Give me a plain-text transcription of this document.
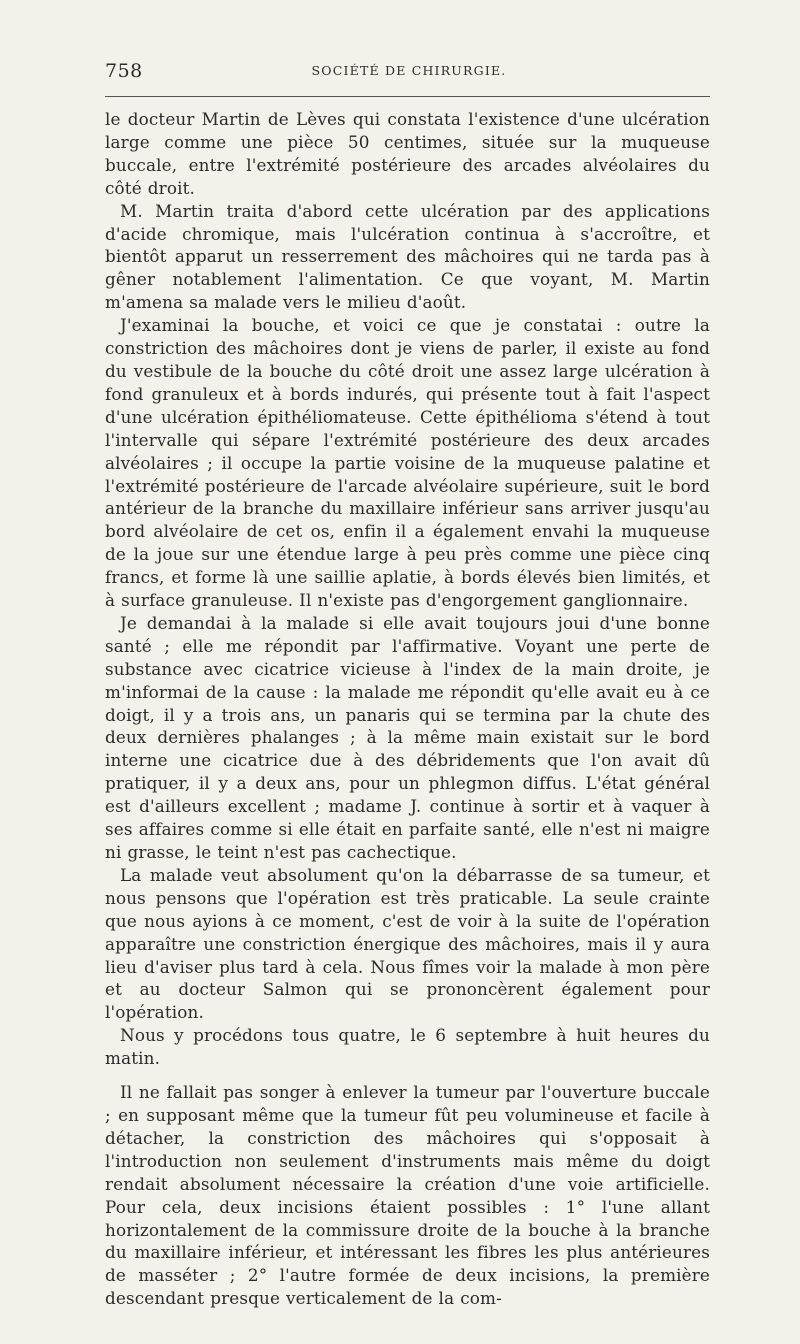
758	SOCIÉTÉ DE CHIRURGIE.

le docteur Martin de Lèves qui constata l'existence d'une ulcération large comme une pièce 50 centimes, située sur la muqueuse buccale, entre l'extrémité postérieure des arcades alvéolaires du côté droit.

M. Martin traita d'abord cette ulcération par des applications d'acide chromique, mais l'ulcération continua à s'accroître, et bientôt apparut un resserrement des mâchoires qui ne tarda pas à gêner notablement l'alimentation. Ce que voyant, M. Martin m'amena sa malade vers le milieu d'août.

J'examinai la bouche, et voici ce que je constatai : outre la constriction des mâchoires dont je viens de parler, il existe au fond du vestibule de la bouche du côté droit une assez large ulcération à fond granuleux et à bords indurés, qui présente tout à fait l'aspect d'une ulcération épithéliomateuse. Cette épithélioma s'étend à tout l'intervalle qui sépare l'extrémité postérieure des deux arcades alvéolaires ; il occupe la partie voisine de la muqueuse palatine et l'extrémité postérieure de l'arcade alvéolaire supérieure, suit le bord antérieur de la branche du maxillaire inférieur sans arriver jusqu'au bord alvéolaire de cet os, enfin il a également envahi la muqueuse de la joue sur une étendue large à peu près comme une pièce cinq francs, et forme là une saillie aplatie, à bords élevés bien limités, et à surface granuleuse. Il n'existe pas d'engorgement ganglionnaire.

Je demandai à la malade si elle avait toujours joui d'une bonne santé ; elle me répondit par l'affirmative. Voyant une perte de substance avec cicatrice vicieuse à l'index de la main droite, je m'informai de la cause : la malade me répondit qu'elle avait eu à ce doigt, il y a trois ans, un panaris qui se termina par la chute des deux dernières phalanges ; à la même main existait sur le bord interne une cicatrice due à des débridements que l'on avait dû pratiquer, il y a deux ans, pour un phlegmon diffus. L'état général est d'ailleurs excellent ; madame J. continue à sortir et à vaquer à ses affaires comme si elle était en parfaite santé, elle n'est ni maigre ni grasse, le teint n'est pas cachectique.

La malade veut absolument qu'on la débarrasse de sa tumeur, et nous pensons que l'opération est très praticable. La seule crainte que nous ayions à ce moment, c'est de voir à la suite de l'opération apparaître une constriction énergique des mâchoires, mais il y aura lieu d'aviser plus tard à cela. Nous fîmes voir la malade à mon père et au docteur Salmon qui se prononcèrent également pour l'opération.

Nous y procédons tous quatre, le 6 septembre à huit heures du matin.

Il ne fallait pas songer à enlever la tumeur par l'ouverture buccale ; en supposant même que la tumeur fût peu volumineuse et facile à détacher, la constriction des mâchoires qui s'opposait à l'introduction non seulement d'instruments mais même du doigt rendait absolument nécessaire la création d'une voie artificielle. Pour cela, deux incisions étaient possibles : 1° l'une allant horizontalement de la commissure droite de la bouche à la branche du maxillaire inférieur, et intéressant les fibres les plus antérieures de masséter ; 2° l'autre formée de deux incisions, la première descendant presque verticalement de la com-
